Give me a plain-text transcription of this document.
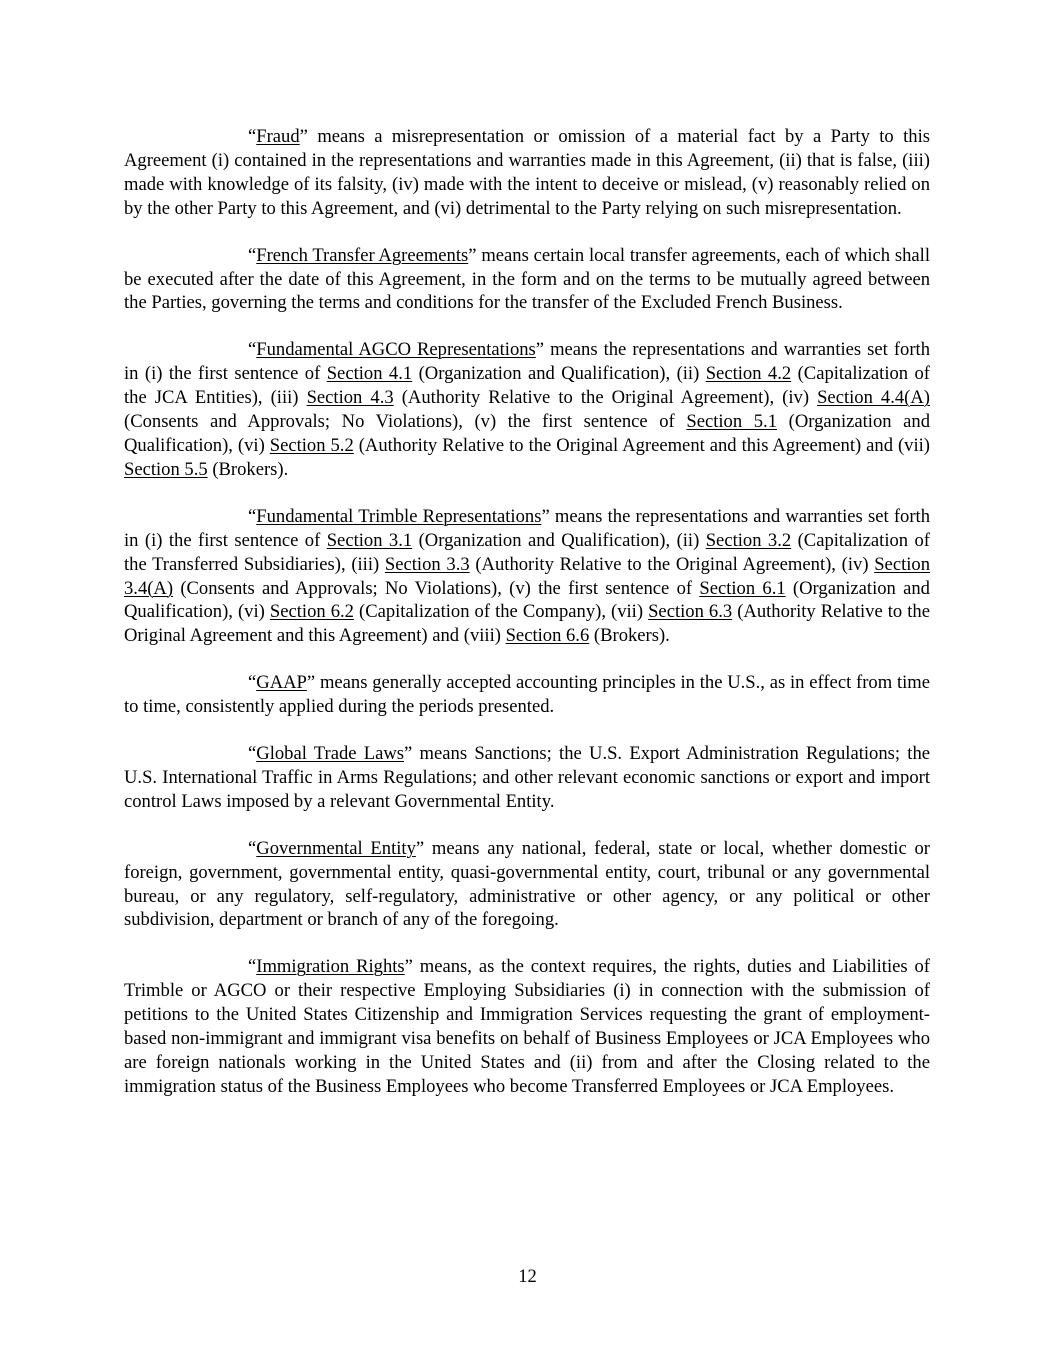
“Fraud” means a misrepresentation or omission of a material fact by a Party to this Agreement (i) contained in the representations and warranties made in this Agreement, (ii) that is false, (iii) made with knowledge of its falsity, (iv) made with the intent to deceive or mislead, (v) reasonably relied on by the other Party to this Agreement, and (vi) detrimental to the Party relying on such misrepresentation.

“French Transfer Agreements” means certain local transfer agreements, each of which shall be executed after the date of this Agreement, in the form and on the terms to be mutually agreed between the Parties, governing the terms and conditions for the transfer of the Excluded French Business.

“Fundamental AGCO Representations” means the representations and warranties set forth in (i) the first sentence of Section 4.1 (Organization and Qualification), (ii) Section 4.2 (Capitalization of the JCA Entities), (iii) Section 4.3 (Authority Relative to the Original Agreement), (iv) Section 4.4(A) (Consents and Approvals; No Violations), (v) the first sentence of Section 5.1 (Organization and Qualification), (vi) Section 5.2 (Authority Relative to the Original Agreement and this Agreement) and (vii) Section 5.5 (Brokers).

“Fundamental Trimble Representations” means the representations and warranties set forth in (i) the first sentence of Section 3.1 (Organization and Qualification), (ii) Section 3.2 (Capitalization of the Transferred Subsidiaries), (iii) Section 3.3 (Authority Relative to the Original Agreement), (iv) Section 3.4(A) (Consents and Approvals; No Violations), (v) the first sentence of Section 6.1 (Organization and Qualification), (vi) Section 6.2 (Capitalization of the Company), (vii) Section 6.3 (Authority Relative to the Original Agreement and this Agreement) and (viii) Section 6.6 (Brokers).

“GAAP” means generally accepted accounting principles in the U.S., as in effect from time to time, consistently applied during the periods presented.

“Global Trade Laws” means Sanctions; the U.S. Export Administration Regulations; the U.S. International Traffic in Arms Regulations; and other relevant economic sanctions or export and import control Laws imposed by a relevant Governmental Entity.

“Governmental Entity” means any national, federal, state or local, whether domestic or foreign, government, governmental entity, quasi-governmental entity, court, tribunal or any governmental bureau, or any regulatory, self-regulatory, administrative or other agency, or any political or other subdivision, department or branch of any of the foregoing.

“Immigration Rights” means, as the context requires, the rights, duties and Liabilities of Trimble or AGCO or their respective Employing Subsidiaries (i) in connection with the submission of petitions to the United States Citizenship and Immigration Services requesting the grant of employment-based non-immigrant and immigrant visa benefits on behalf of Business Employees or JCA Employees who are foreign nationals working in the United States and (ii) from and after the Closing related to the immigration status of the Business Employees who become Transferred Employees or JCA Employees.

12
